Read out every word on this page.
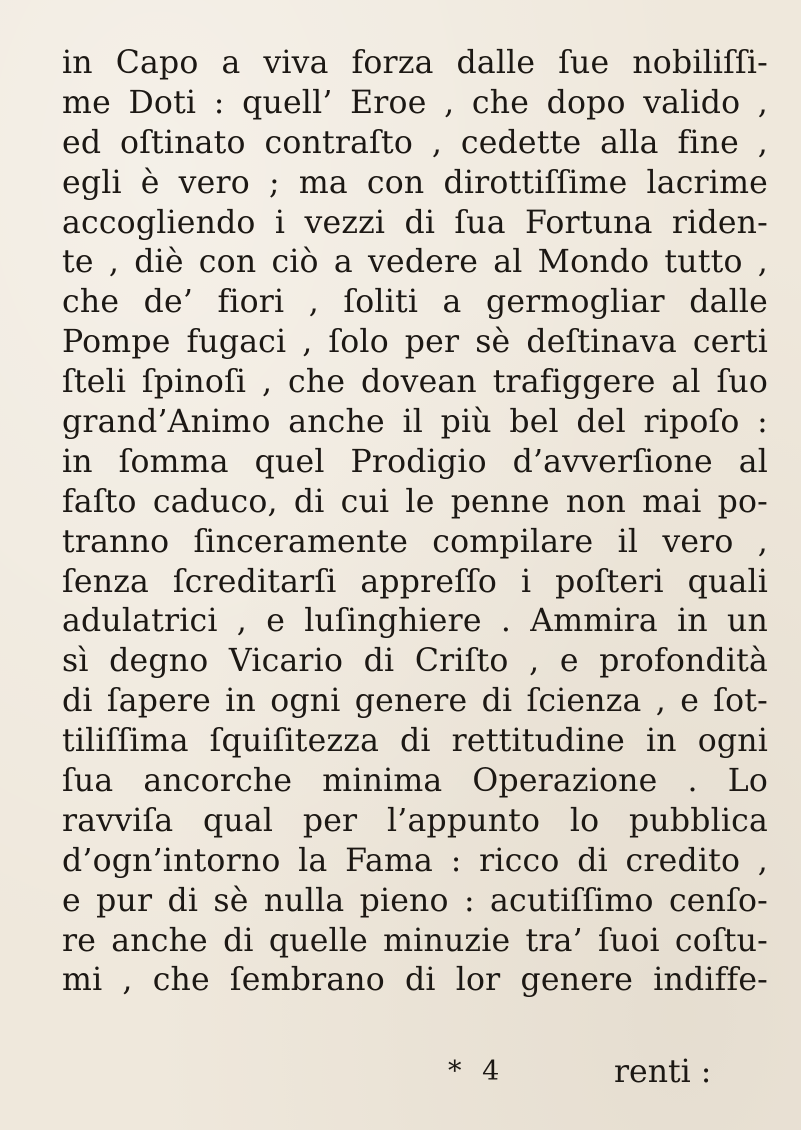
in Capo a viva forza dalle ſue nobiliſſi-
me Doti : quell’ Eroe , che dopo valido ,
ed oſtinato contraſto , cedette alla fine ,
egli è vero ; ma con dirottiſſime lacrime
accogliendo i vezzi di ſua Fortuna riden-
te , diè con ciò a vedere al Mondo tutto ,
che de’ fiori , ſoliti a germogliar dalle
Pompe fugaci , ſolo per sè deſtinava certi
ſteli ſpinoſi , che dovean trafiggere al ſuo
grand’Animo anche il più bel del ripoſo :
in ſomma quel Prodigio d’avverſione al
faſto caduco, di cui le penne non mai po-
tranno ſinceramente compilare il vero ,
ſenza ſcreditarſi appreſſo i poſteri quali
adulatrici , e luſinghiere . Ammira in un
sì degno Vicario di Criſto , e profondità
di ſapere in ogni genere di ſcienza , e ſot-
tiliſſima ſquiſitezza di rettitudine in ogni
ſua ancorche minima Operazione . Lo
ravviſa qual per l’appunto lo pubblica
d’ogn’intorno la Fama : ricco di credito ,
e pur di sè nulla pieno : acutiſſimo cenſo-
re anche di quelle minuzie tra’ ſuoi coſtu-
mi , che ſembrano di lor genere indiffe-
* 4	renti :
